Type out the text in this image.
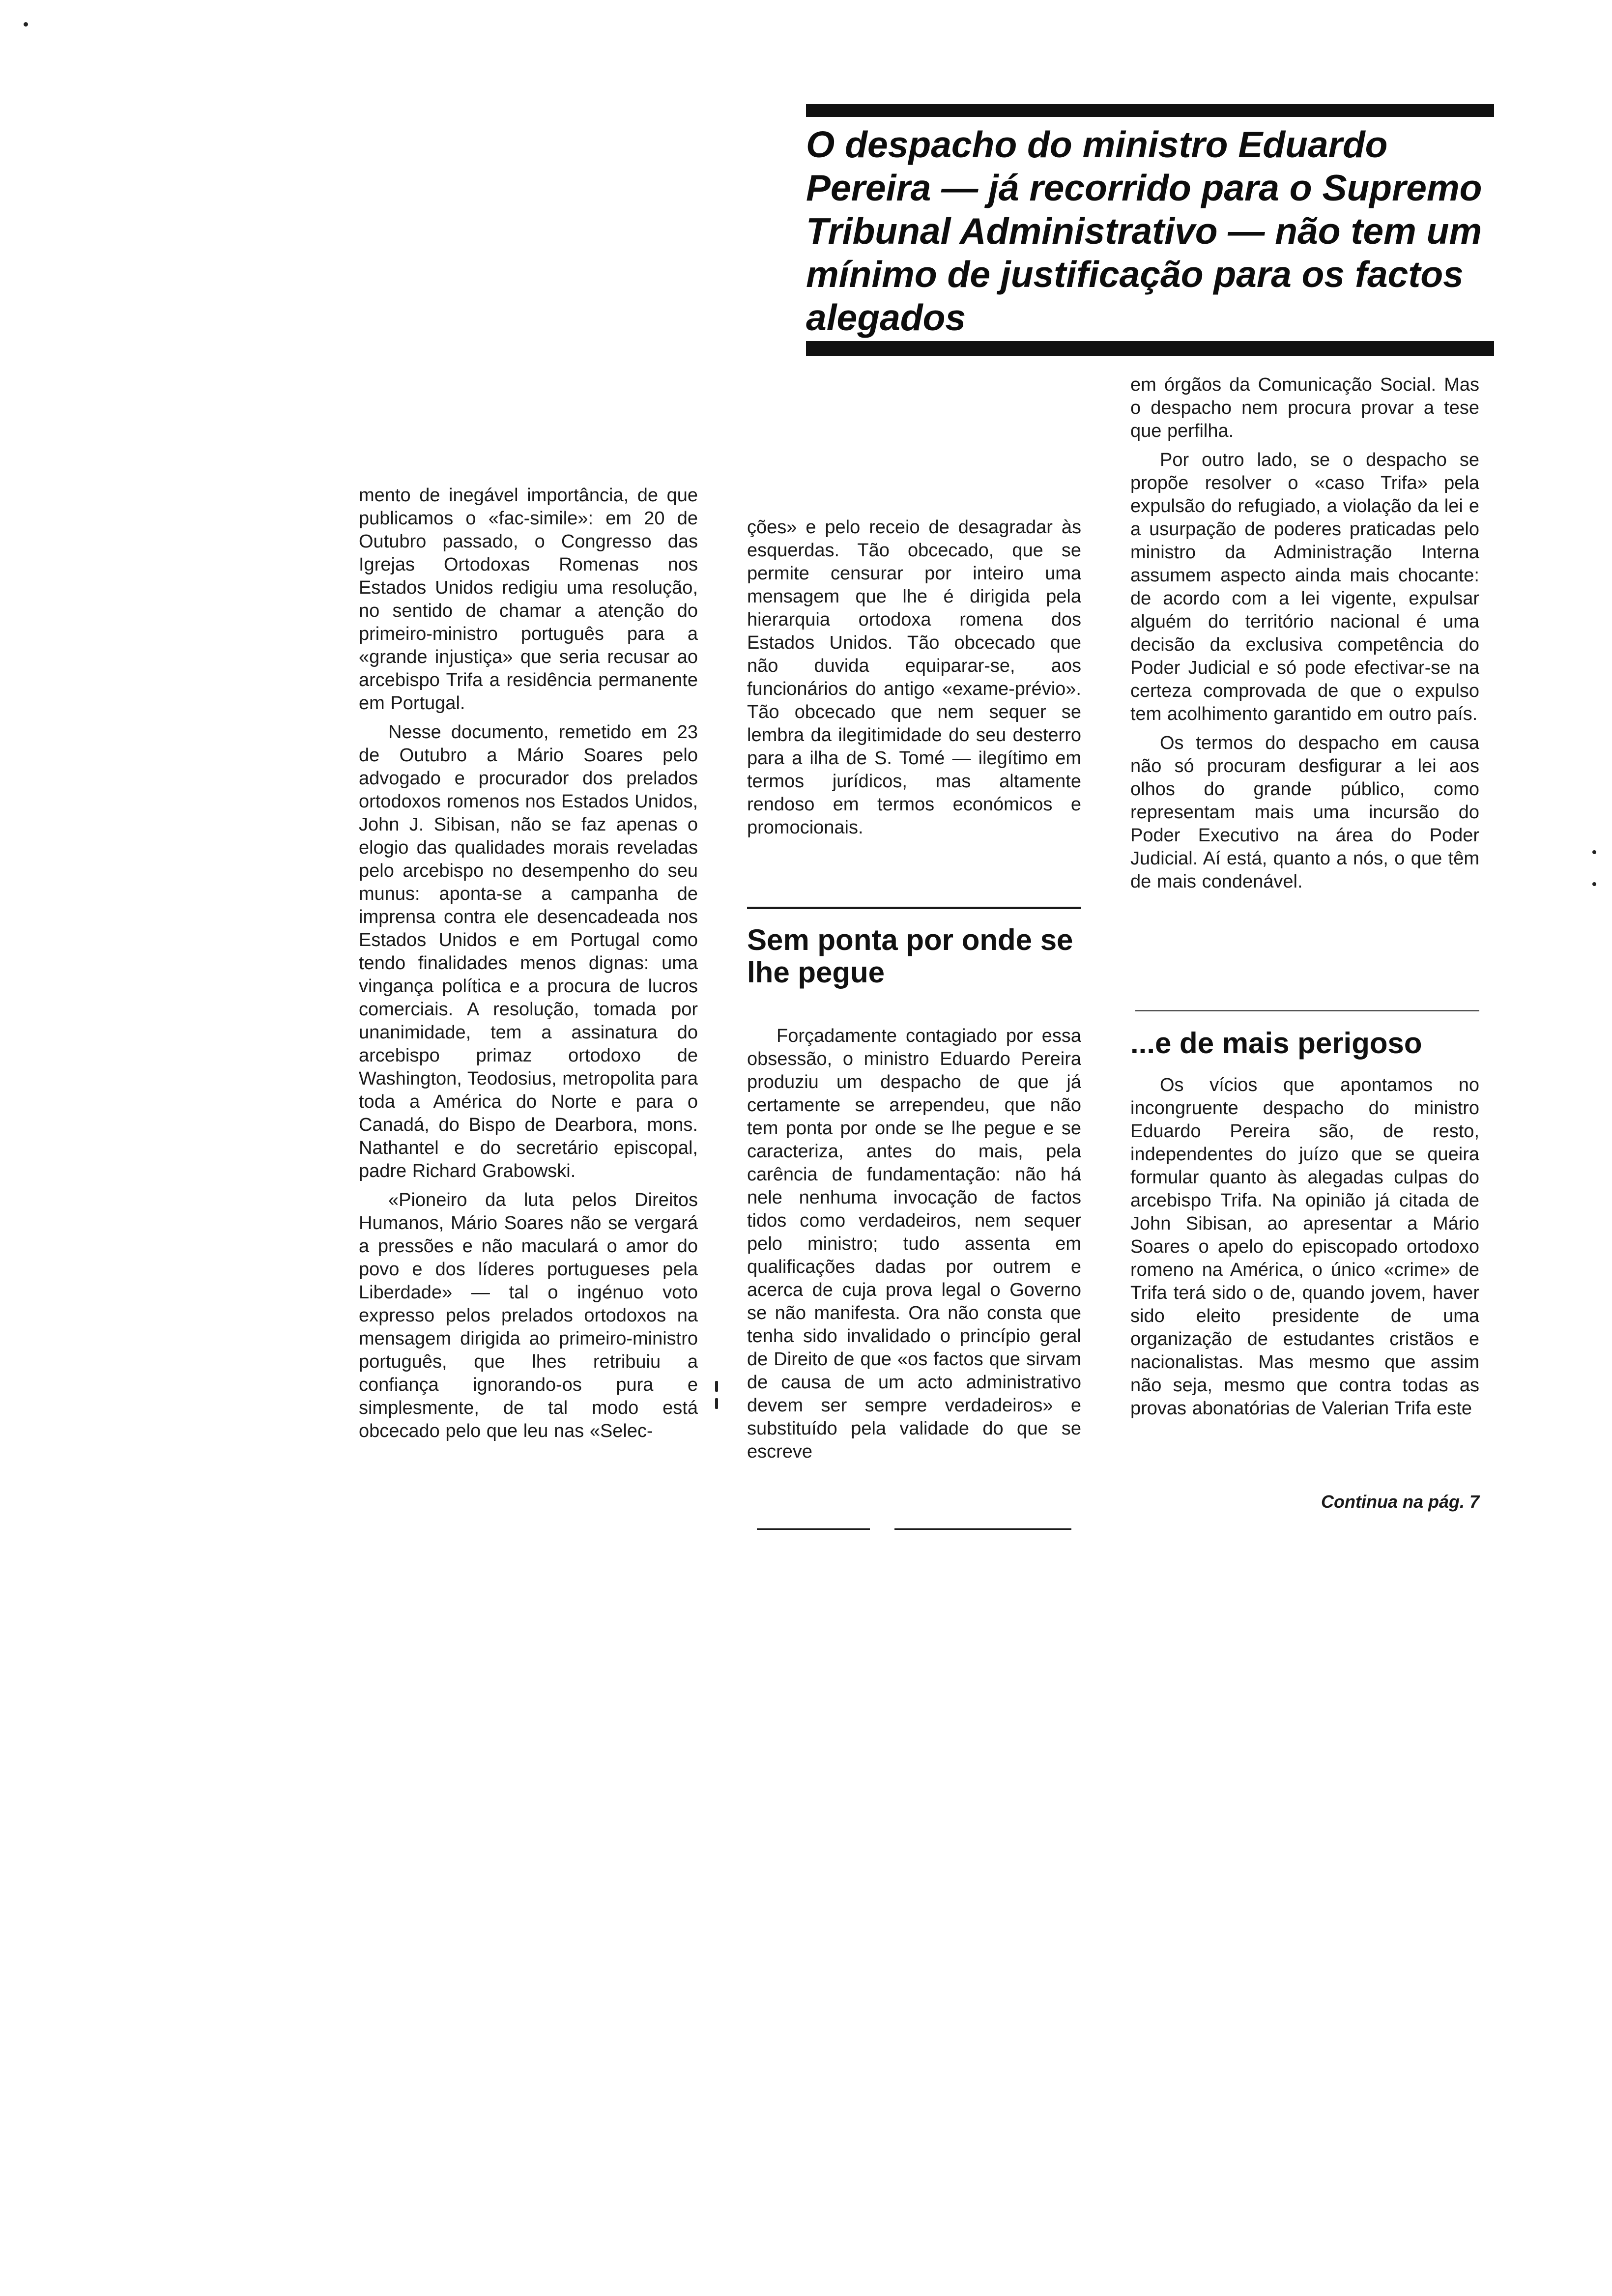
O despacho do ministro Eduardo Pereira — já recorrido para o Supremo Tribunal Administrativo — não tem um mínimo de justificação para os factos alegados

mento de inegável importância, de que publicamos o «fac-simile»: em 20 de Outubro passado, o Congresso das Igrejas Ortodoxas Romenas nos Estados Unidos redigiu uma resolução, no sentido de chamar a atenção do primeiro-ministro português para a «grande injustiça» que seria recusar ao arcebispo Trifa a residência permanente em Portugal.

Nesse documento, remetido em 23 de Outubro a Mário Soares pelo advogado e procurador dos prelados ortodoxos romenos nos Estados Unidos, John J. Sibisan, não se faz apenas o elogio das qualidades morais reveladas pelo arcebispo no desempenho do seu munus: aponta-se a campanha de imprensa contra ele desencadeada nos Estados Unidos e em Portugal como tendo finalidades menos dignas: uma vingança política e a procura de lucros comerciais. A resolução, tomada por unanimidade, tem a assinatura do arcebispo primaz ortodoxo de Washington, Teodosius, metropolita para toda a América do Norte e para o Canadá, do Bispo de Dearbora, mons. Nathantel e do secretário episcopal, padre Richard Grabowski.

«Pioneiro da luta pelos Direitos Humanos, Mário Soares não se vergará a pressões e não maculará o amor do povo e dos líderes portugueses pela Liberdade» — tal o ingénuo voto expresso pelos prelados ortodoxos na mensagem dirigida ao primeiro-ministro português, que lhes retribuiu a confiança ignorando-os pura e simplesmente, de tal modo está obcecado pelo que leu nas «Selec-

ções» e pelo receio de desagradar às esquerdas. Tão obcecado, que se permite censurar por inteiro uma mensagem que lhe é dirigida pela hierarquia ortodoxa romena dos Estados Unidos. Tão obcecado que não duvida equiparar-se, aos funcionários do antigo «exame-prévio». Tão obcecado que nem sequer se lembra da ilegitimidade do seu desterro para a ilha de S. Tomé — ilegítimo em termos jurídicos, mas altamente rendoso em termos económicos e promocionais.

Sem ponta por onde se lhe pegue

Forçadamente contagiado por essa obsessão, o ministro Eduardo Pereira produziu um despacho de que já certamente se arrependeu, que não tem ponta por onde se lhe pegue e se caracteriza, antes do mais, pela carência de fundamentação: não há nele nenhuma invocação de factos tidos como verdadeiros, nem sequer pelo ministro; tudo assenta em qualificações dadas por outrem e acerca de cuja prova legal o Governo se não manifesta. Ora não consta que tenha sido invalidado o princípio geral de Direito de que «os factos que sirvam de causa de um acto administrativo devem ser sempre verdadeiros» e substituído pela validade do que se escreve

em órgãos da Comunicação Social. Mas o despacho nem procura provar a tese que perfilha.

Por outro lado, se o despacho se propõe resolver o «caso Trifa» pela expulsão do refugiado, a violação da lei e a usurpação de poderes praticadas pelo ministro da Administração Interna assumem aspecto ainda mais chocante: de acordo com a lei vigente, expulsar alguém do território nacional é uma decisão da exclusiva competência do Poder Judicial e só pode efectivar-se na certeza comprovada de que o expulso tem acolhimento garantido em outro país.

Os termos do despacho em causa não só procuram desfigurar a lei aos olhos do grande público, como representam mais uma incursão do Poder Executivo na área do Poder Judicial. Aí está, quanto a nós, o que têm de mais condenável.

...e de mais perigoso

Os vícios que apontamos no incongruente despacho do ministro Eduardo Pereira são, de resto, independentes do juízo que se queira formular quanto às alegadas culpas do arcebispo Trifa. Na opinião já citada de John Sibisan, ao apresentar a Mário Soares o apelo do episcopado ortodoxo romeno na América, o único «crime» de Trifa terá sido o de, quando jovem, haver sido eleito presidente de uma organização de estudantes cristãos e nacionalistas. Mas mesmo que assim não seja, mesmo que contra todas as provas abonatórias de Valerian Trifa este

Continua na pág. 7
